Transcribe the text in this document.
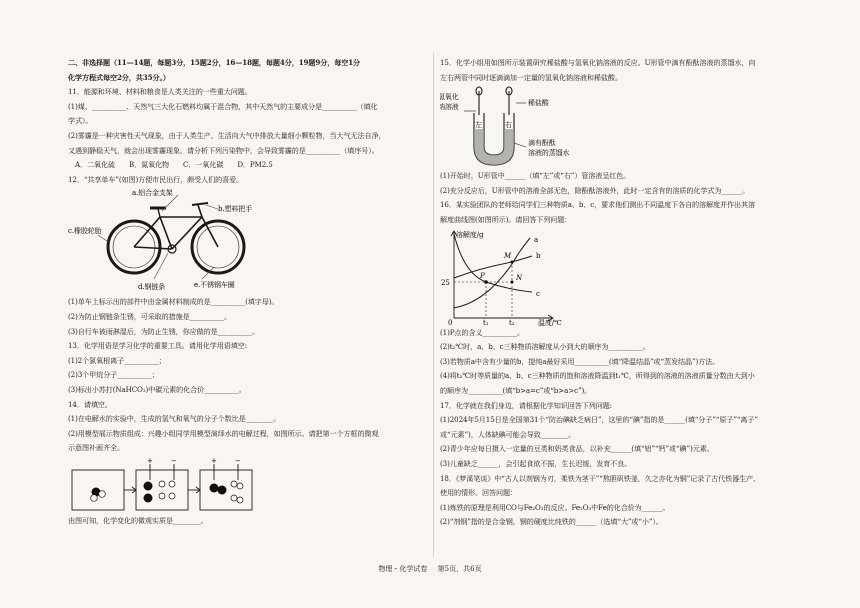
二、非选择题（11—14题，每题3分，15题2分，16—18题，每题4分，19题9分，每空1分
化学方程式每空2分，共35分。）
11．能源和环境、材料和粮食是人类关注的一些重大问题。
(1)煤、__________、天然气三大化石燃料均属于混合物，其中天然气的主要成分是__________（填化
学式）。
(2)雾霾是一种灾害性天气现象，由于人类生产、生活向大气中排放大量细小颗粒物，当大气无法自净，
又遇到静稳天气，就会出现雾霾现象。请分析下列污染物中，会导致雾霾的是__________（填序号）。
　A．二氧化硫　　B．氮氧化物　　C．一氧化碳　　D．PM2.5
12．“共享单车”(如图)方便市民出行，颇受人们的喜爱。
a.铝合金支架
b.塑料把手
c.橡胶轮胎
d.钢链条	e.不锈钢车圈
(1)单车上标示出的部件中由金属材料制成的是__________(填字母)。
(2)为防止钢链条生锈，可采取的措施是__________。
(3)自行车被雨淋湿后，为防止生锈，你应做的是__________。
13．化学用语是学习化学的重要工具。请用化学用语填空:
(1)2个氯氧根离子__________；
(2)3个甲烷分子__________；
(3)标出小苏打(NaHCO₃)中碳元素的化合价__________。
14．请填空。
(1)在电解水的实验中，生成的氢气和氧气的分子个数比是________。
(2)用模型展示物质组成：兴趣小组同学用模型演绎水的电解过程，如图所示。请把第一个方框的微观
示意图补画齐全。
+	−	+	−
由图可知，化学变化的微观实质是________。
15．化学小组用如图所示装置研究稀盐酸与氢氧化钠溶液的反应。U形管中滴有酚酞溶液的蒸馏水，向
左右两管中同时逐滴滴加一定量的氢氧化钠溶液和稀盐酸。
氢氧化
钠溶液	稀盐酸
左	右
滴有酚酞
溶液的蒸馏水
(1)开始时，U形管中______（填“左”或“右”）管溶液呈红色。
(2)充分反应后，U形管中的溶液全部无色，除酚酞溶液外，此时一定含有的溶质的化学式为______。
16．某实验团队的老师给同学们三种物质a、b、c，要求他们测出不同温度下各自的溶解度并作出其溶
解度曲线图(如图所示)。请回答下列问题：
溶解度/g
温度/℃
0
25
t₁	t₂
P
M
N
a
b
c
(1)P点的含义__________。
(2)t₂℃时，a、b、c三种物质溶解度从小到大的顺序为__________。
(3)若物质a中含有少量的b，提纯a最好采用__________(填“降温结晶”或“蒸发结晶”)方法。
(4)将t₂℃时等质量的a、b、c三种物质的饱和溶液降温到t₁℃，所得到的溶液的溶液质量分数由大到小
的顺序为__________(填“b>a=c”或“b>a>c”)。
17．化学就在我们身边，请根据化学知识回答下列问题:
(1)2024年5月15日是全国第31个“防治碘缺乏病日”，这里的“碘”指的是______(填“分子”“原子”“离子”
或“元素”)，人体缺碘可能会导致________。
(2)青少年应每日摄入一定量的豆类和奶类食品，以补充______(填“铝”“钙”或“碘”)元素。
(3)儿童缺乏______，会引起食欲不振，生长迟缓，发育不良。
18．《梦溪笔谈》中“古人以剂钢为刃，柔铁为茎干”“熬胆矾铁釜，久之亦化为铜”记录了古代铁器生产、
使用的情形。回答问题：
(1)炼铁的原理是利用CO与Fe₂O₃的反应。Fe₂O₃中Fe的化合价为______。
(2)“剂钢”指的是合金钢，钢的硬度比纯铁的______（选填“大”或“小”）。
物理・化学试卷 第5页，共6页
